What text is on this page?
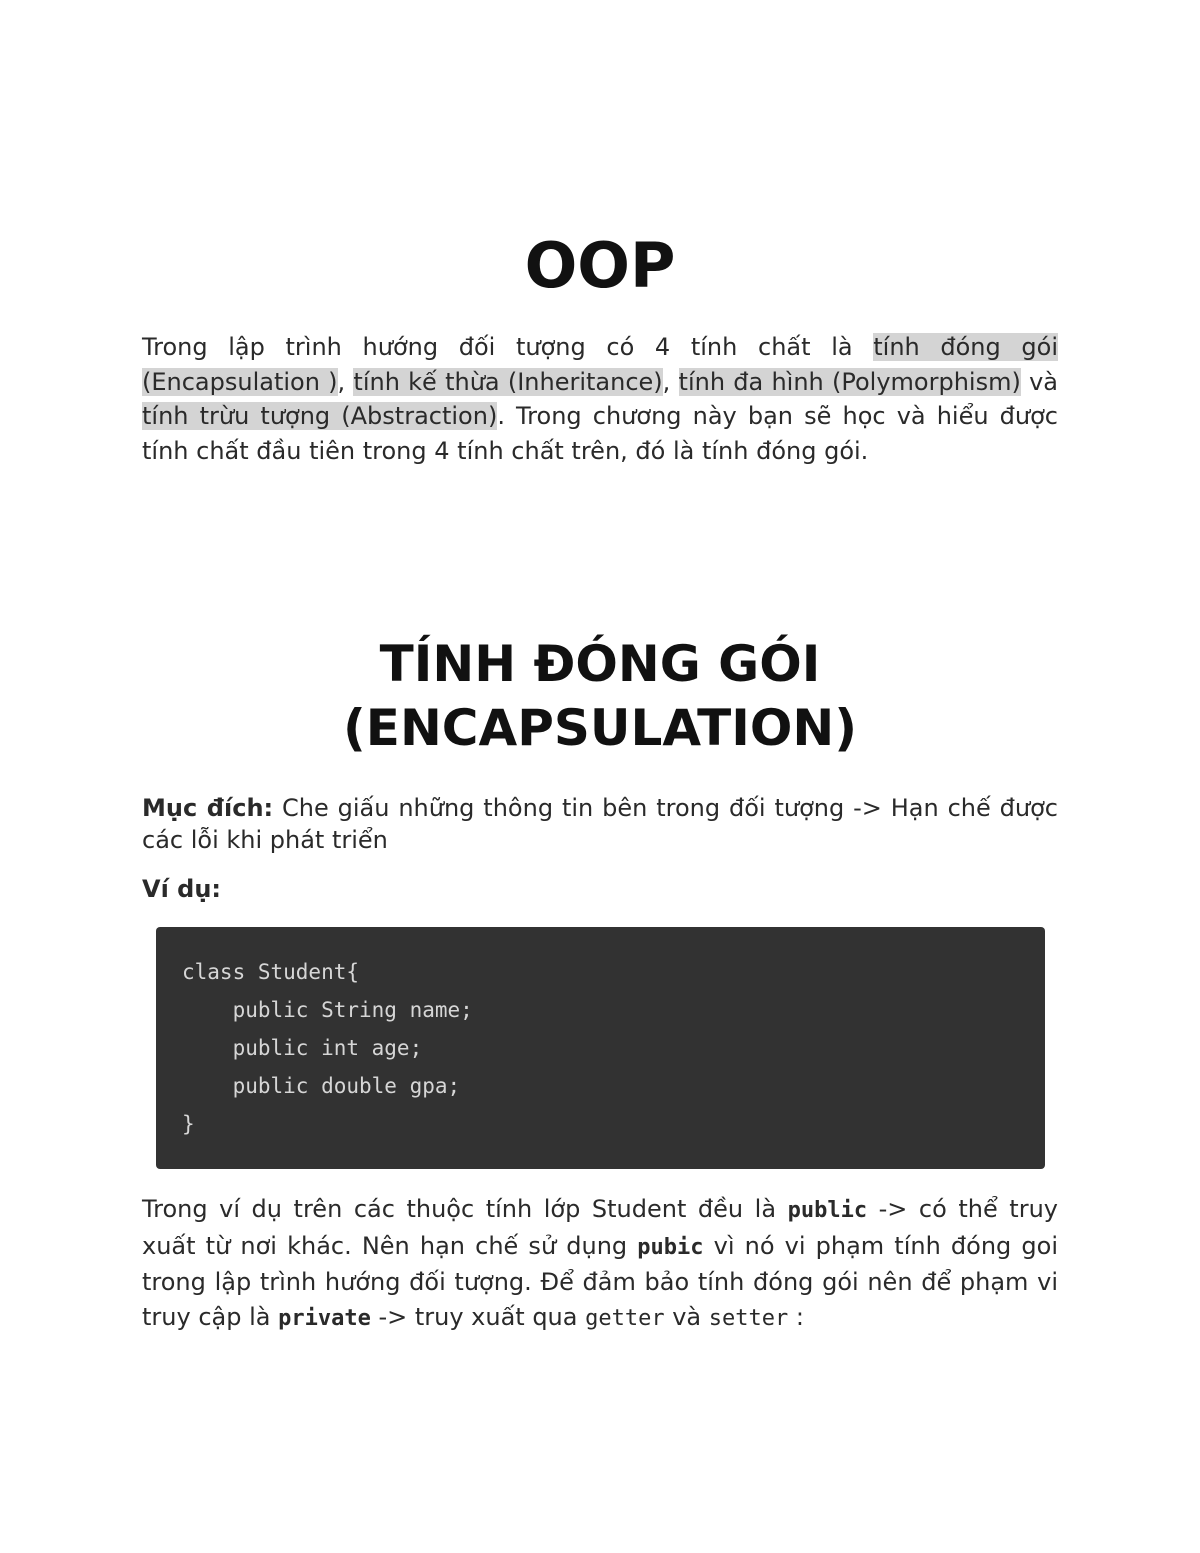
OOP

Trong lập trình hướng đối tượng có 4 tính chất là tính đóng gói (Encapsulation ), tính kế thừa (Inheritance), tính đa hình (Polymorphism) và tính trừu tượng (Abstraction). Trong chương này bạn sẽ học và hiểu được tính chất đầu tiên trong 4 tính chất trên, đó là tính đóng gói.

TÍNH ĐÓNG GÓI
(ENCAPSULATION)

Mục đích: Che giấu những thông tin bên trong đối tượng -> Hạn chế được các lỗi khi phát triển

Ví dụ:

class Student{
public String name;
public int age;
public double gpa;
}

Trong ví dụ trên các thuộc tính lớp Student đều là public -> có thể truy xuất từ nơi khác. Nên hạn chế sử dụng pubic vì nó vi phạm tính đóng goi trong lập trình hướng đối tượng. Để đảm bảo tính đóng gói nên để phạm vi truy cập là private -> truy xuất qua getter và setter :
